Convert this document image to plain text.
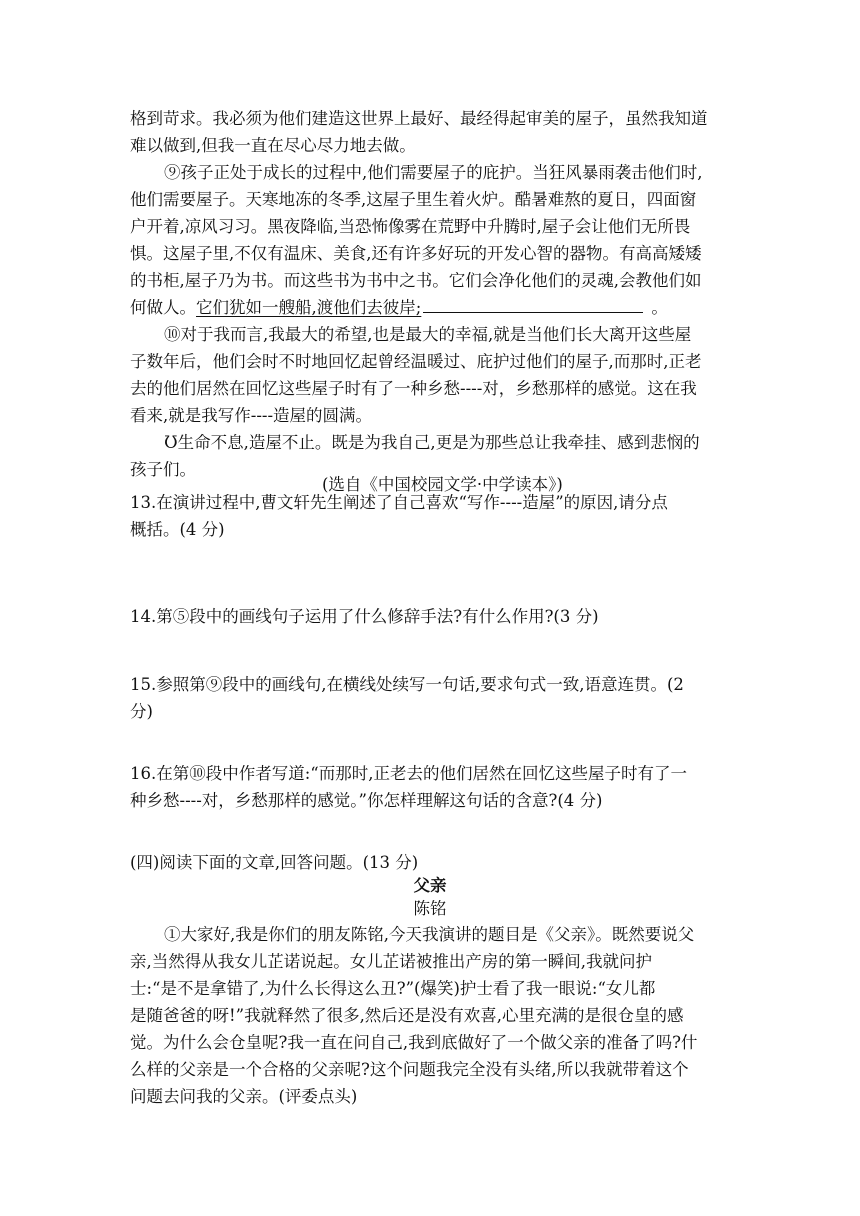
格到苛求。我必须为他们建造这世界上最好、最经得起审美的屋子，虽然我知道
难以做到,但我一直在尽心尽力地去做。
⑨孩子正处于成长的过程中,他们需要屋子的庇护。当狂风暴雨袭击他们时,
他们需要屋子。天寒地冻的冬季,这屋子里生着火炉。酷暑难熬的夏日，四面窗
户开着,凉风习习。黑夜降临,当恐怖像雾在荒野中升腾时,屋子会让他们无所畏
惧。这屋子里,不仅有温床、美食,还有许多好玩的开发心智的器物。有高高矮矮
的书柜,屋子乃为书。而这些书为书中之书。它们会净化他们的灵魂,会教他们如
何做人。它们犹如一艘船,渡他们去彼岸;	。
⑩对于我而言,我最大的希望,也是最大的幸福,就是当他们长大离开这些屋
子数年后，他们会时不时地回忆起曾经温暖过、庇护过他们的屋子,而那时,正老
去的他们居然在回忆这些屋子时有了一种乡愁----对，乡愁那样的感觉。这在我
看来,就是我写作----造屋的圆满。
Ʊ生命不息,造屋不止。既是为我自己,更是为那些总让我牵挂、感到悲悯的
孩子们。
(选自《中国校园文学·中学读本》)
13.在演讲过程中,曹文轩先生阐述了自己喜欢“写作----造屋”的原因,请分点
概括。(4 分)
14.第⑤段中的画线句子运用了什么修辞手法?有什么作用?(3 分)
15.参照第⑨段中的画线句,在横线处续写一句话,要求句式一致,语意连贯。(2
分)
16.在第⑩段中作者写道:“而那时,正老去的他们居然在回忆这些屋子时有了一
种乡愁----对，乡愁那样的感觉。”你怎样理解这句话的含意?(4 分)
(四)阅读下面的文章,回答问题。(13 分)
父亲
陈铭
①大家好,我是你们的朋友陈铭,今天我演讲的题目是《父亲》。既然要说父
亲,当然得从我女儿芷诺说起。女儿芷诺被推出产房的第一瞬间,我就问护
士:“是不是拿错了,为什么长得这么丑?”(爆笑)护士看了我一眼说:“女儿都
是随爸爸的呀!”我就释然了很多,然后还是没有欢喜,心里充满的是很仓皇的感
觉。为什么会仓皇呢?我一直在问自己,我到底做好了一个做父亲的准备了吗?什
么样的父亲是一个合格的父亲呢?这个问题我完全没有头绪,所以我就带着这个
问题去问我的父亲。(评委点头)
